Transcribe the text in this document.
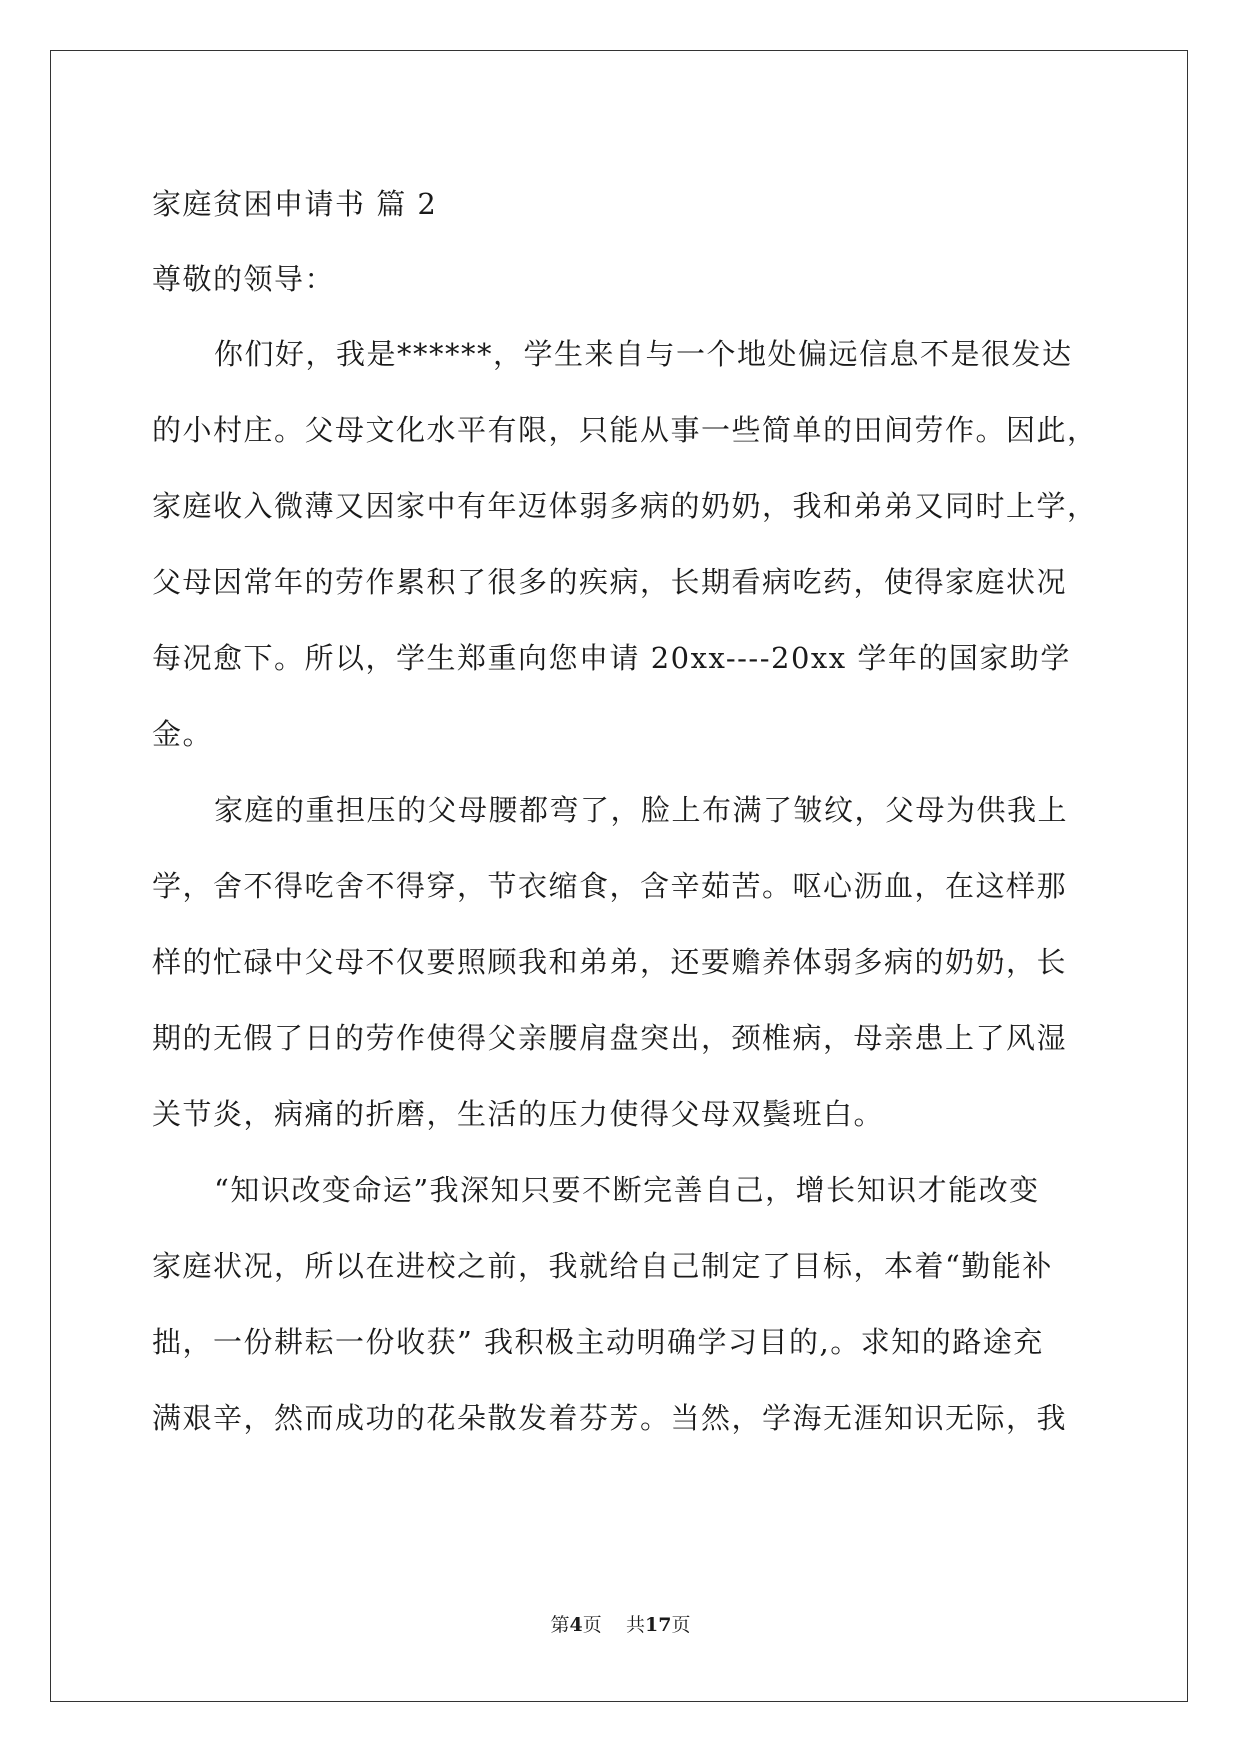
家庭贫困申请书 篇 2
尊敬的领导：
你们好，我是******，学生来自与一个地处偏远信息不是很发达
的小村庄。父母文化水平有限，只能从事一些简单的田间劳作。因此，
家庭收入微薄又因家中有年迈体弱多病的奶奶，我和弟弟又同时上学，
父母因常年的劳作累积了很多的疾病，长期看病吃药，使得家庭状况
每况愈下。所以，学生郑重向您申请 20xx----20xx 学年的国家助学
金。
家庭的重担压的父母腰都弯了，脸上布满了皱纹，父母为供我上
学，舍不得吃舍不得穿，节衣缩食，含辛茹苦。呕心沥血，在这样那
样的忙碌中父母不仅要照顾我和弟弟，还要赡养体弱多病的奶奶，长
期的无假了日的劳作使得父亲腰肩盘突出，颈椎病，母亲患上了风湿
关节炎，病痛的折磨，生活的压力使得父母双鬓班白。
“知识改变命运”我深知只要不断完善自己，增长知识才能改变
家庭状况，所以在进校之前，我就给自己制定了目标，本着“勤能补
拙，一份耕耘一份收获” 我积极主动明确学习目的,。求知的路途充
满艰辛，然而成功的花朵散发着芬芳。当然，学海无涯知识无际，我
第4页 共17页
